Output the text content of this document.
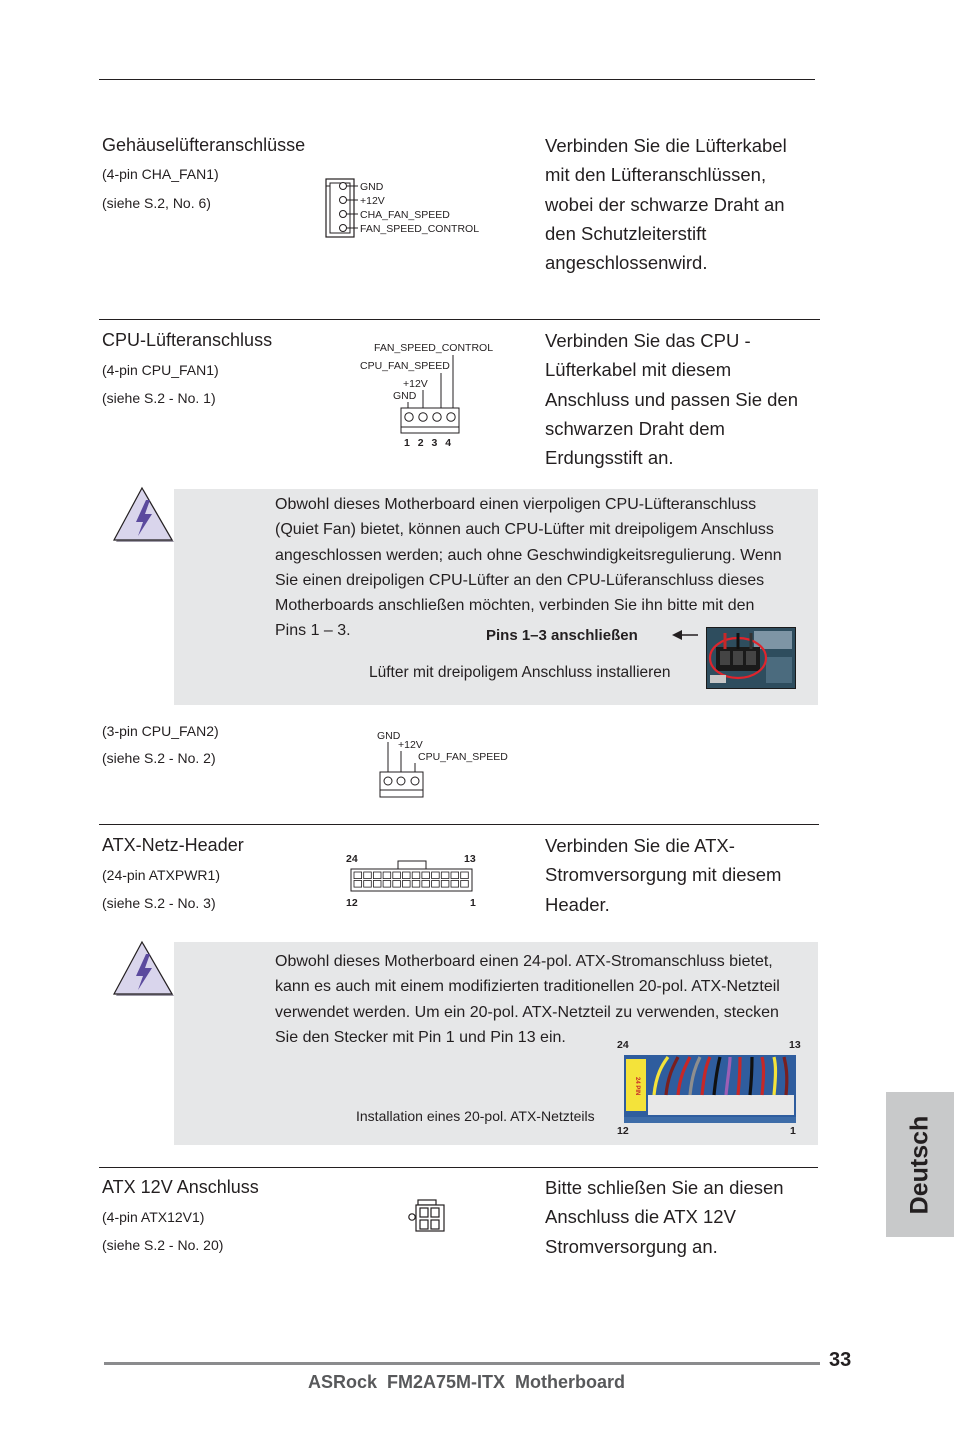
Gehäuselüfteranschlüsse
(4-pin CHA_FAN1)
(siehe S.2, No. 6)
GND
+12V
CHA_FAN_SPEED
FAN_SPEED_CONTROL
Verbinden Sie die Lüfterkabel
mit den Lüfteranschlüssen,
wobei der schwarze Draht an
den Schutzleiterstift
angeschlossenwird.
CPU-Lüfteranschluss
(4-pin CPU_FAN1)
(siehe S.2 - No. 1)
FAN_SPEED_CONTROL
CPU_FAN_SPEED
+12V
GND
1 2 3 4
Verbinden Sie das CPU -
Lüfterkabel mit diesem
Anschluss und passen Sie den
schwarzen Draht dem
Erdungsstift an.
Obwohl dieses Motherboard einen vierpoligen CPU-Lüfteranschluss
(Quiet Fan) bietet, können auch CPU-Lüfter mit dreipoligem Anschluss
angeschlossen werden; auch ohne Geschwindigkeitsregulierung. Wenn
Sie einen dreipoligen CPU-Lüfter an den CPU-Lüferanschluss dieses
Motherboards anschließen möchten, verbinden Sie ihn bitte mit den
Pins 1 – 3.	Pins 1–3 anschließen
Lüfter mit dreipoligem Anschluss installieren
(3-pin CPU_FAN2)
(siehe S.2 - No. 2)
GND
+12V
CPU_FAN_SPEED
ATX-Netz-Header
(24-pin ATXPWR1)
(siehe S.2 - No. 3)
24	13
12	1
Verbinden Sie die ATX-
Stromversorgung mit diesem
Header.
Obwohl dieses Motherboard einen 24-pol. ATX-Stromanschluss bietet,
kann es auch mit einem modifizierten traditionellen 20-pol. ATX-Netzteil
verwendet werden. Um ein 20-pol. ATX-Netzteil zu verwenden, stecken
Sie den Stecker mit Pin 1 und Pin 13 ein.
Installation eines 20-pol. ATX-Netzteils
24	13
12	1
24 PIN
ATX 12V Anschluss
(4-pin ATX12V1)
(siehe S.2 - No. 20)
Bitte schließen Sie an diesen
Anschluss die ATX 12V
Stromversorgung an.
Deutsch
33
ASRock  FM2A75M-ITX  Motherboard
